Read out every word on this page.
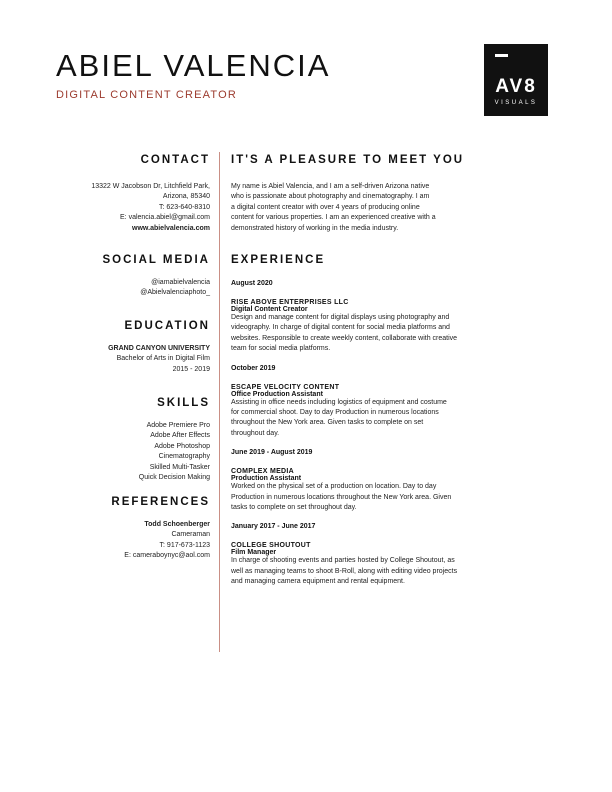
ABIEL VALENCIA

DIGITAL CONTENT CREATOR	AV8
VISUALS

CONTACT

13322 W Jacobson Dr, Litchfield Park,

Arizona, 85340

T: 623-640-8310

E: valencia.abiel@gmail.com

www.abielvalencia.com

SOCIAL MEDIA

@iamabielvalencia

@Abielvalenciaphoto_

EDUCATION

GRAND CANYON UNIVERSITY

Bachelor of Arts in Digital Film

2015 - 2019

SKILLS

Adobe Premiere Pro

Adobe After Effects

Adobe Photoshop

Cinematography

Skilled Multi-Tasker

Quick Decision Making

REFERENCES

Todd Schoenberger

Cameraman

T: 917-673-1123

E: camerabоynyc@aol.com

IT'S A PLEASURE TO MEET YOU

My name is Abiel Valencia, and I am a self-driven Arizona native

who is passionate about photography and cinematography. I am

a digital content creator with over 4 years of producing online

content for various properties. I am an experienced creative with a

demonstrated history of working in the media industry.

EXPERIENCE

August 2020

RISE ABOVE ENTERPRISES LLC

Digital Content Creator

Design and manage content for digital displays using photography and
videography. In charge of digital content for social media platforms and
websites. Responsible to create weekly content, collaborate with creative
team for social media platforms.

October 2019

ESCAPE VELOCITY CONTENT

Office Production Assistant

Assisting in office needs including logistics of equipment and costume
for commercial shoot. Day to day Production in numerous locations
throughout the New York area. Given tasks to complete on set
throughout day.

June 2019 - August 2019

COMPLEX MEDIA

Production Assistant

Worked on the physical set of a production on location. Day to day
Production in numerous locations throughout the New York area. Given
tasks to complete on set throughout day.

January 2017 - June 2017

COLLEGE SHOUTOUT

Film Manager

In charge of shooting events and parties hosted by College Shoutout, as
well as managing teams to shoot B-Roll, along with editing video projects
and managing camera equipment and rental equipment.
